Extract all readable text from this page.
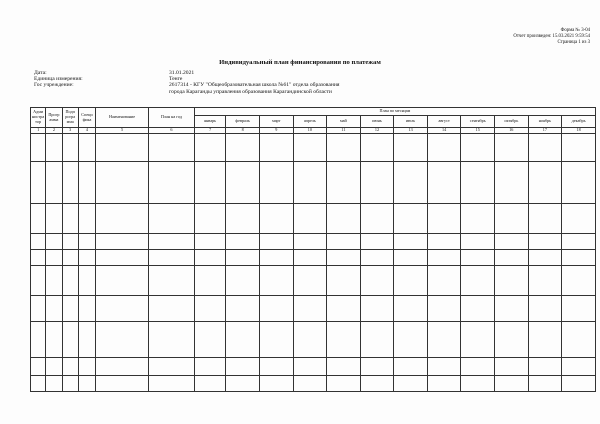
Форма № 3-04
Отчет произведен: 15.03.2021 9:59:54
Страница 1 из 3
Индивидуальный план финансирования по платежам
Дата:	31.01.2021
Единица измерения:	Тенге
Гос учреждение:	2617314 - КГУ "Общеобразовательная школа №61" отдела образования
города Караганды управления образования Карагандинской области
Адми нистра тор	Прогр амма	Подп рогра мма	Специ фика	Наименование	План на год	План по месяцам											
						январь	февраль	март	апрель	май	июнь	июль	август	сентябрь	октябрь	ноябрь	декабрь
1	2	3	4	5	6	7	8	9	10	11	12	13	14	15	16	17	18
